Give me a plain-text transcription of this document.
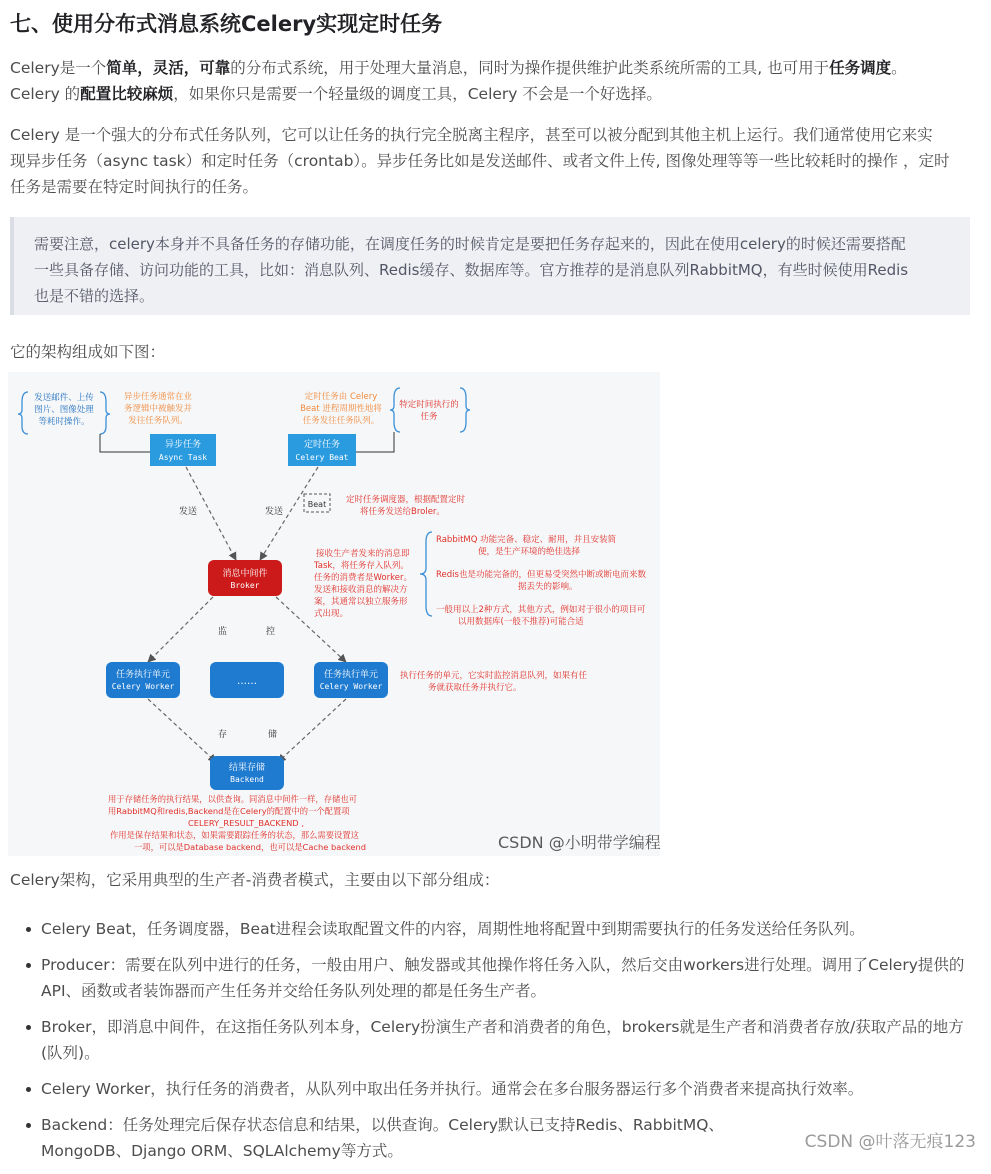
七、使用分布式消息系统Celery实现定时任务
Celery是一个简单，灵活，可靠的分布式系统，用于处理大量消息，同时为操作提供维护此类系统所需的工具, 也可用于任务调度。
Celery 的配置比较麻烦，如果你只是需要一个轻量级的调度工具，Celery 不会是一个好选择。
Celery 是一个强大的分布式任务队列，它可以让任务的执行完全脱离主程序，甚至可以被分配到其他主机上运行。我们通常使用它来实
现异步任务（async task）和定时任务（crontab）。异步任务比如是发送邮件、或者文件上传, 图像处理等等一些比较耗时的操作 ，定时
任务是需要在特定时间执行的任务。
需要注意，celery本身并不具备任务的存储功能，在调度任务的时候肯定是要把任务存起来的，因此在使用celery的时候还需要搭配
一些具备存储、访问功能的工具，比如：消息队列、Redis缓存、数据库等。官方推荐的是消息队列RabbitMQ，有些时候使用Redis
也是不错的选择。
它的架构组成如下图：
发送邮件、上传
图片、图像处理
等耗时操作。
异步任务通常在业
务逻辑中被触发并
发往任务队列。
定时任务由 Celery
Beat 进程周期性地将
任务发往任务队列。
特定时间执行的
任务
异步任务
Async Task
定时任务
Celery Beat
发送	发送
Beat 定时任务调度器，根据配置定时
将任务发送给Broler。
消息中间件
Broker
接收生产者发来的消息即
Task，将任务存入队列。
任务的消费者是Worker。
发送和接收消息的解决方
案，其通常以独立服务形
式出现。
RabbitMQ 功能完备、稳定、耐用，并且安装简
便，是生产环境的绝佳选择
Redis也是功能完备的，但更易受突然中断或断电而来数
据丢失的影响。
一般用以上2种方式，其他方式，例如对于很小的项目可
以用数据库(一般不推荐)可能合适
监	控
任务执行单元
Celery Worker	……
任务执行单元
Celery Worker
执行任务的单元，它实时监控消息队列，如果有任
务就获取任务并执行它。
存	储
结果存储
Backend
用于存储任务的执行结果，以供查询。同消息中间件一样，存储也可
用RabbitMQ和redis,Backend是在Celery的配置中的一个配置项
CELERY_RESULT_BACKEND ,
作用是保存结果和状态，如果需要跟踪任务的状态，那么需要设置这
一项，可以是Database backend，也可以是Cache backend	CSDN @小明带学编程
Celery架构，它采用典型的生产者-消费者模式，主要由以下部分组成：
Celery Beat，任务调度器，Beat进程会读取配置文件的内容，周期性地将配置中到期需要执行的任务发送给任务队列。
Producer：需要在队列中进行的任务，一般由用户、触发器或其他操作将任务入队，然后交由workers进行处理。调用了Celery提供的API、函数或者装饰器而产生任务并交给任务队列处理的都是任务生产者。
Broker，即消息中间件，在这指任务队列本身，Celery扮演生产者和消费者的角色，brokers就是生产者和消费者存放/获取产品的地方(队列)。
Celery Worker，执行任务的消费者，从队列中取出任务并执行。通常会在多台服务器运行多个消费者来提高执行效率。
Backend：任务处理完后保存状态信息和结果，以供查询。Celery默认已支持Redis、RabbitMQ、MongoDB、Django ORM、SQLAlchemy等方式。	CSDN @叶落无痕123
